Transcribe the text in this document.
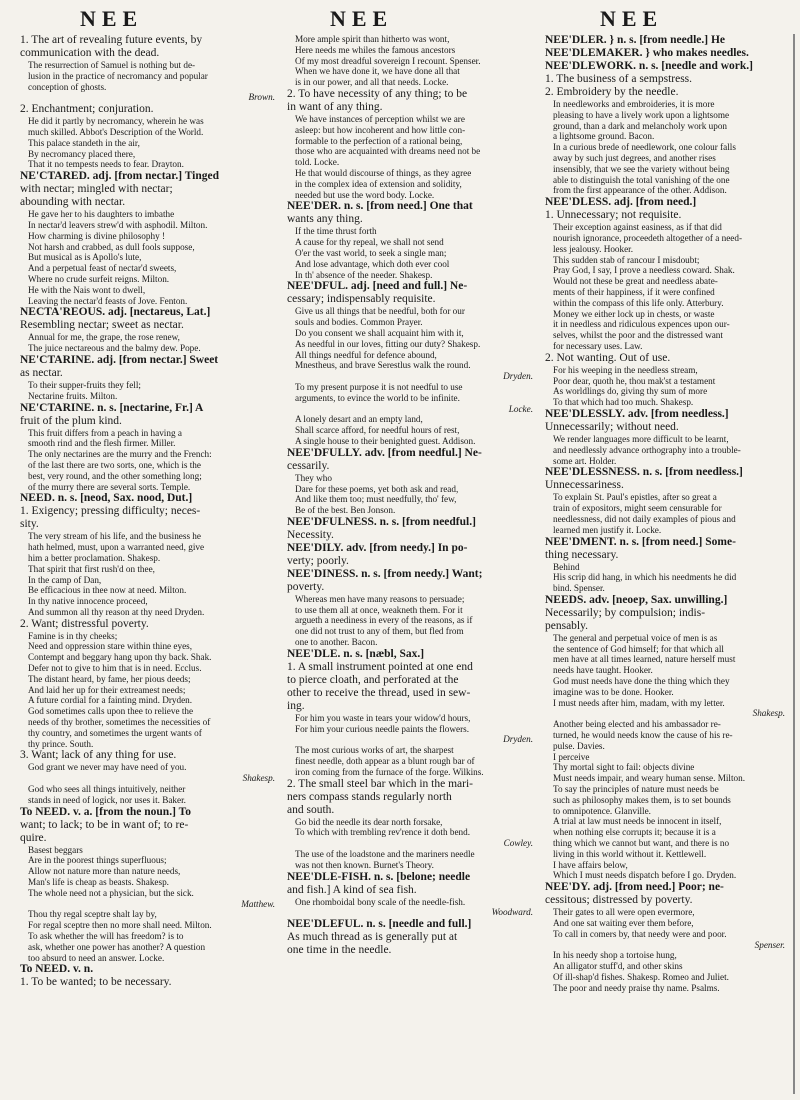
NEE	NEE	NEE
1. The art of revealing future events, by
communication with the dead.
The resurrection of Samuel is nothing but de-
lusion in the practice of necromancy and popular
conception of ghosts.
Brown.
2. Enchantment; conjuration.
He did it partly by necromancy, wherein he was
much skilled. Abbot's Description of the World.
This palace standeth in the air,
By necromancy placed there,
That it no tempests needs to fear. Drayton.
NE'CTARED. adj. [from nectar.] Tinged
with nectar; mingled with nectar;
abounding with nectar.
He gave her to his daughters to imbathe
In nectar'd leavers strew'd with asphodil. Milton.
How charming is divine philosophy !
Not harsh and crabbed, as dull fools suppose,
But musical as is Apollo's lute,
And a perpetual feast of nectar'd sweets,
Where no crude surfeit reigns. Milton.
He with the Nais wont to dwell,
Leaving the nectar'd feasts of Jove. Fenton.
NECTA'REOUS. adj. [nectareus, Lat.]
Resembling nectar; sweet as nectar.
Annual for me, the grape, the rose renew,
The juice nectareous and the balmy dew. Pope.
NE'CTARINE. adj. [from nectar.] Sweet
as nectar.
To their supper-fruits they fell;
Nectarine fruits. Milton.
NE'CTARINE. n. s. [nectarine, Fr.] A
fruit of the plum kind.
This fruit differs from a peach in having a
smooth rind and the flesh firmer. Miller.
The only nectarines are the murry and the French:
of the last there are two sorts, one, which is the
best, very round, and the other something long;
of the murry there are several sorts. Temple.
NEED. n. s. [neod, Sax. nood, Dut.]
1. Exigency; pressing difficulty; neces-
sity.
The very stream of his life, and the business he
hath helmed, must, upon a warranted need, give
him a better proclamation. Shakesp.
That spirit that first rush'd on thee,
In the camp of Dan,
Be efficacious in thee now at need. Milton.
In thy native innocence proceed,
And summon all thy reason at thy need Dryden.
2. Want; distressful poverty.
Famine is in thy cheeks;
Need and oppression stare within thine eyes,
Contempt and beggary hang upon thy back. Shak.
Defer not to give to him that is in need. Ecclus.
The distant heard, by fame, her pious deeds;
And laid her up for their extreamest needs;
A future cordial for a fainting mind. Dryden.
God sometimes calls upon thee to relieve the
needs of thy brother, sometimes the necessities of
thy country, and sometimes the urgent wants of
thy prince. South.
3. Want; lack of any thing for use.
God grant we never may have need of you.
Shakesp.
God who sees all things intuitively, neither
stands in need of logick, nor uses it. Baker.
To NEED. v. a. [from the noun.] To
want; to lack; to be in want of; to re-
quire.
Basest beggars
Are in the poorest things superfluous;
Allow not nature more than nature needs,
Man's life is cheap as beasts. Shakesp.
The whole need not a physician, but the sick.
Matthew.
Thou thy regal sceptre shalt lay by,
For regal sceptre then no more shall need. Milton.
To ask whether the will has freedom? is to
ask, whether one power has another? A question
too absurd to need an answer. Locke.
To NEED. v. n.
1. To be wanted; to be necessary.
More ample spirit than hitherto was wont,
Here needs me whiles the famous ancestors
Of my most dreadful sovereign I recount. Spenser.
When we have done it, we have done all that
is in our power, and all that needs. Locke.
2. To have necessity of any thing; to be
in want of any thing.
We have instances of perception whilst we are
asleep: but how incoherent and how little con-
formable to the perfection of a rational being,
those who are acquainted with dreams need not be
told. Locke.
He that would discourse of things, as they agree
in the complex idea of extension and solidity,
needed but use the word body. Locke.
NEE'DER. n. s. [from need.] One that
wants any thing.
If the time thrust forth
A cause for thy repeal, we shall not send
O'er the vast world, to seek a single man;
And lose advantage, which doth ever cool
In th' absence of the needer. Shakesp.
NEE'DFUL. adj. [need and full.] Ne-
cessary; indispensably requisite.
Give us all things that be needful, both for our
souls and bodies. Common Prayer.
Do you consent we shall acquaint him with it,
As needful in our loves, fitting our duty? Shakesp.
All things needful for defence abound,
Mnestheus, and brave Serestlus walk the round.
Dryden.
To my present purpose it is not needful to use
arguments, to evince the world to be infinite.
Locke.
A lonely desart and an empty land,
Shall scarce afford, for needful hours of rest,
A single house to their benighted guest. Addison.
NEE'DFULLY. adv. [from needful.] Ne-
cessarily.
They who
Dare for these poems, yet both ask and read,
And like them too; must needfully, tho' few,
Be of the best. Ben Jonson.
NEE'DFULNESS. n. s. [from needful.]
Necessity.
NEE'DILY. adv. [from needy.] In po-
verty; poorly.
NEE'DINESS. n. s. [from needy.] Want;
poverty.
Whereas men have many reasons to persuade;
to use them all at once, weakneth them. For it
argueth a neediness in every of the reasons, as if
one did not trust to any of them, but fled from
one to another. Bacon.
NEE'DLE. n. s. [næbl, Sax.]
1. A small instrument pointed at one end
to pierce cloath, and perforated at the
other to receive the thread, used in sew-
ing.
For him you waste in tears your widow'd hours,
For him your curious needle paints the flowers.
Dryden.
The most curious works of art, the sharpest
finest needle, doth appear as a blunt rough bar of
iron coming from the furnace of the forge. Wilkins.
2. The small steel bar which in the mari-
ners compass stands regularly north
and south.
Go bid the needle its dear north forsake,
To which with trembling rev'rence it doth bend.
Cowley.
The use of the loadstone and the mariners needle
was not then known. Burnet's Theory.
NEE'DLE-FISH. n. s. [belone; needle
and fish.] A kind of sea fish.
One rhomboidal bony scale of the needle-fish.
Woodward.
NEE'DLEFUL. n. s. [needle and full.]
As much thread as is generally put at
one time in the needle.
NEE'DLER. } n. s. [from needle.] He
NEE'DLEMAKER. } who makes needles.
NEE'DLEWORK. n. s. [needle and work.]
1. The business of a sempstress.
2. Embroidery by the needle.
In needleworks and embroideries, it is more
pleasing to have a lively work upon a lightsome
ground, than a dark and melancholy work upon
a lightsome ground. Bacon.
In a curious brede of needlework, one colour falls
away by such just degrees, and another rises
insensibly, that we see the variety without being
able to distinguish the total vanishing of the one
from the first appearance of the other. Addison.
NEE'DLESS. adj. [from need.]
1. Unnecessary; not requisite.
Their exception against easiness, as if that did
nourish ignorance, proceedeth altogether of a need-
less jealousy. Hooker.
This sudden stab of rancour I misdoubt;
Pray God, I say, I prove a needless coward. Shak.
Would not these be great and needless abate-
ments of their happiness, if it were confined
within the compass of this life only. Atterbury.
Money we either lock up in chests, or waste
it in needless and ridiculous expences upon our-
selves, whilst the poor and the distressed want
for necessary uses. Law.
2. Not wanting. Out of use.
For his weeping in the needless stream,
Poor dear, quoth he, thou mak'st a testament
As worldlings do, giving thy sum of more
To that which had too much. Shakesp.
NEE'DLESSLY. adv. [from needless.]
Unnecessarily; without need.
We render languages more difficult to be learnt,
and needlessly advance orthography into a trouble-
some art. Holder.
NEE'DLESSNESS. n. s. [from needless.]
Unnecessariness.
To explain St. Paul's epistles, after so great a
train of expositors, might seem censurable for
needlessness, did not daily examples of pious and
learned men justify it. Locke.
NEE'DMENT. n. s. [from need.] Some-
thing necessary.
Behind
His scrip did hang, in which his needments he did
bind. Spenser.
NEEDS. adv. [neoeƿ, Sax. unwilling.]
Necessarily; by compulsion; indis-
pensably.
The general and perpetual voice of men is as
the sentence of God himself; for that which all
men have at all times learned, nature herself must
needs have taught. Hooker.
God must needs have done the thing which they
imagine was to be done. Hooker.
I must needs after him, madam, with my letter.
Shakesp.
Another being elected and his ambassador re-
turned, he would needs know the cause of his re-
pulse. Davies.
I perceive
Thy mortal sight to fail: objects divine
Must needs impair, and weary human sense. Milton.
To say the principles of nature must needs be
such as philosophy makes them, is to set bounds
to omnipotence. Glanville.
A trial at law must needs be innocent in itself,
when nothing else corrupts it; because it is a
thing which we cannot but want, and there is no
living in this world without it. Kettlewell.
I have affairs below,
Which I must needs dispatch before I go. Dryden.
NEE'DY. adj. [from need.] Poor; ne-
cessitous; distressed by poverty.
Their gates to all were open evermore,
And one sat waiting ever them before,
To call in comers by, that needy were and poor.
Spenser.
In his needy shop a tortoise hung,
An alligator stuff'd, and other skins
Of ill-shap'd fishes. Shakesp. Romeo and Juliet.
The poor and needy praise thy name. Psalms.
